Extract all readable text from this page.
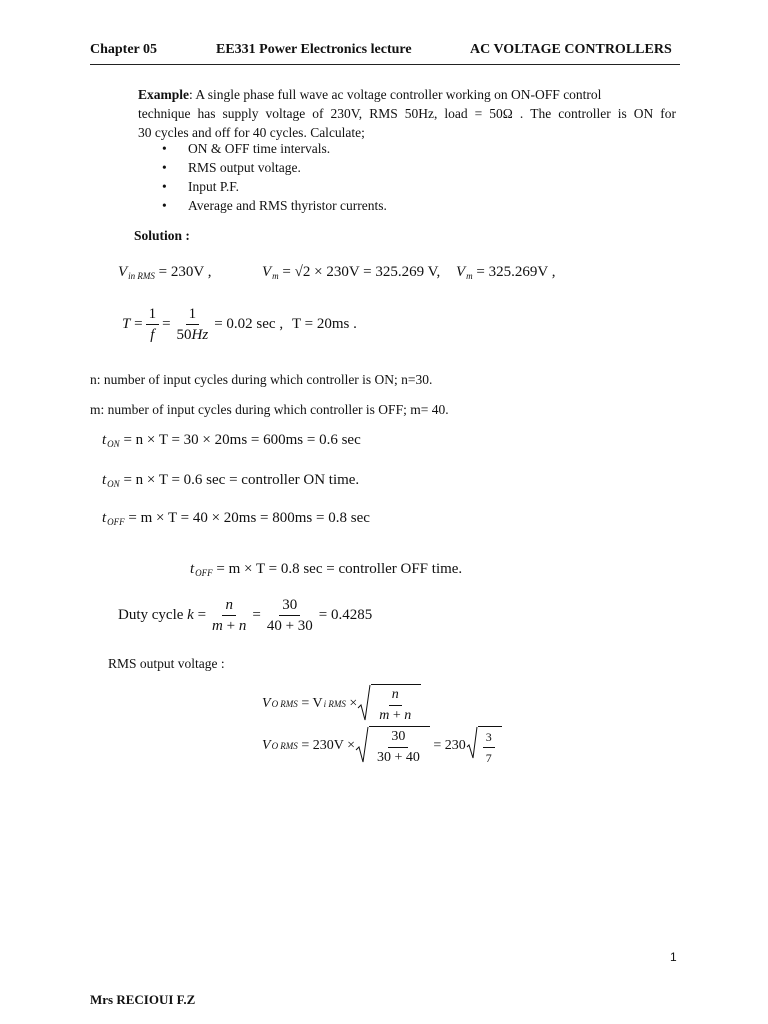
Chapter 05	EE331 Power Electronics lecture	AC VOLTAGE CONTROLLERS
Example: A single phase full wave ac voltage controller working on ON-OFF control
technique has supply voltage of 230V, RMS 50Hz, load = 50Ω . The controller is ON for
30 cycles and off for 40 cycles. Calculate;
• ON & OFF time intervals.
• RMS output voltage.
• Input P.F.
• Average and RMS thyristor currents.
Solution :
$V_{in RMS} = 230V$ ,	$V_m = √2 \times 230V = 325.269$ V, $V_m = 325.269V$ ,
$T = \frac{1}{f} = \frac{1}{50Hz} = 0.02$ sec , T = 20ms .
n: number of input cycles during which controller is ON; n=30.
m: number of input cycles during which controller is OFF; m= 40.
$t_{ON} = n \times T = 30 \times 20ms = 600ms = 0.6$ sec
$t_{ON} = n \times T = 0.6$ sec = controller ON time.
$t_{OFF} = m \times T = 40 \times 20ms = 800ms = 0.8$ sec
$t_{OFF} = m \times T = 0.8$ sec = controller OFF time.
Duty cycle
$k = \frac{n}{m + n} = \frac{30}{40 + 30} = 0.4285$
RMS output voltage :
V O RMS
= V i RMS × $\frac{n}{m + n}$
V O RMS
= $230V \times \frac{30}{30 + 40}$
= $230 \frac{3}{7}$
1
Mrs RECIOUI F.Z
